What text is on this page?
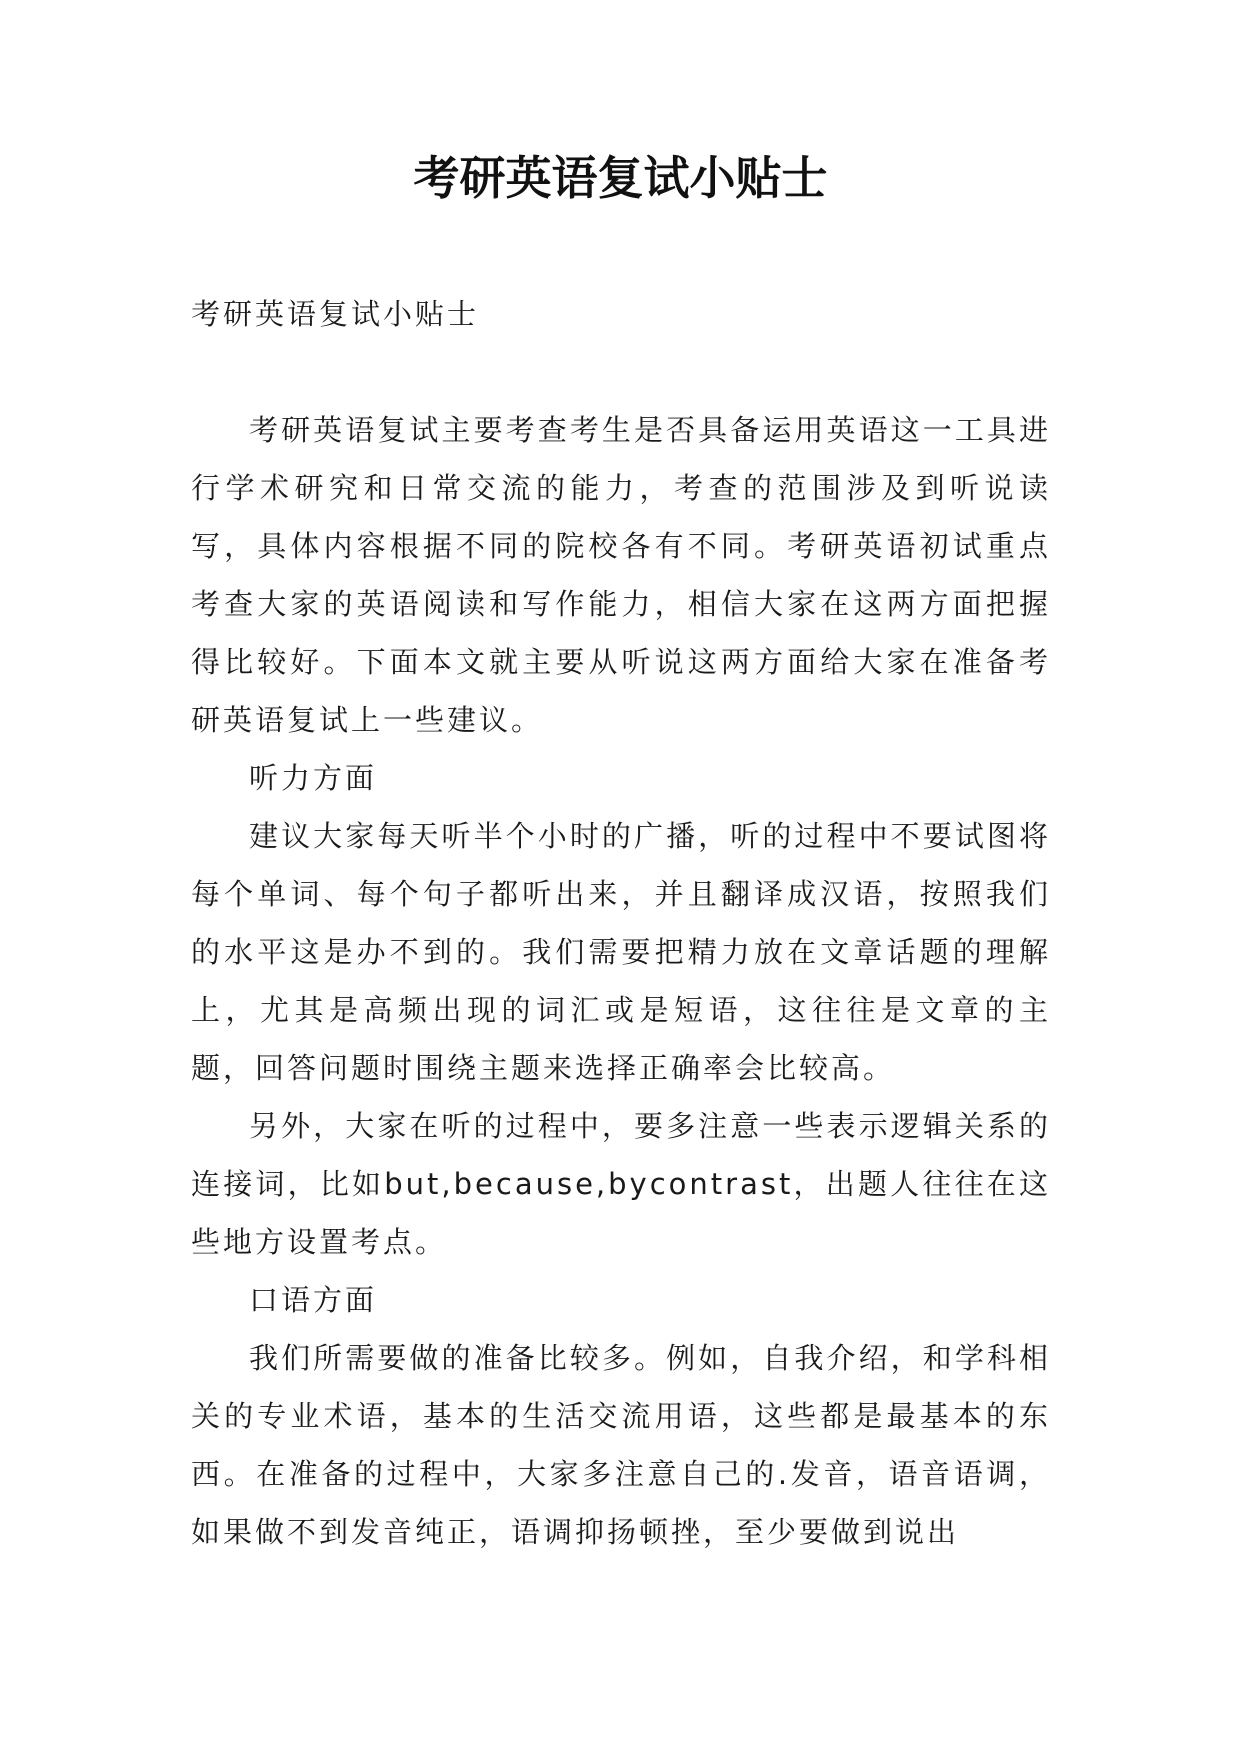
考研英语复试小贴士

考研英语复试小贴士

考研英语复试主要考查考生是否具备运用英语这一工具进行学术研究和日常交流的能力，考查的范围涉及到听说读写，具体内容根据不同的院校各有不同。考研英语初试重点考查大家的英语阅读和写作能力，相信大家在这两方面把握得比较好。下面本文就主要从听说这两方面给大家在准备考研英语复试上一些建议。

听力方面

建议大家每天听半个小时的广播，听的过程中不要试图将每个单词、每个句子都听出来，并且翻译成汉语，按照我们的水平这是办不到的。我们需要把精力放在文章话题的理解上，尤其是高频出现的词汇或是短语，这往往是文章的主题，回答问题时围绕主题来选择正确率会比较高。

另外，大家在听的过程中，要多注意一些表示逻辑关系的连接词，比如but,because,bycontrast，出题人往往在这些地方设置考点。

口语方面

我们所需要做的准备比较多。例如，自我介绍，和学科相关的专业术语，基本的生活交流用语，这些都是最基本的东西。在准备的过程中，大家多注意自己的.发音，语音语调，如果做不到发音纯正，语调抑扬顿挫，至少要做到说出
